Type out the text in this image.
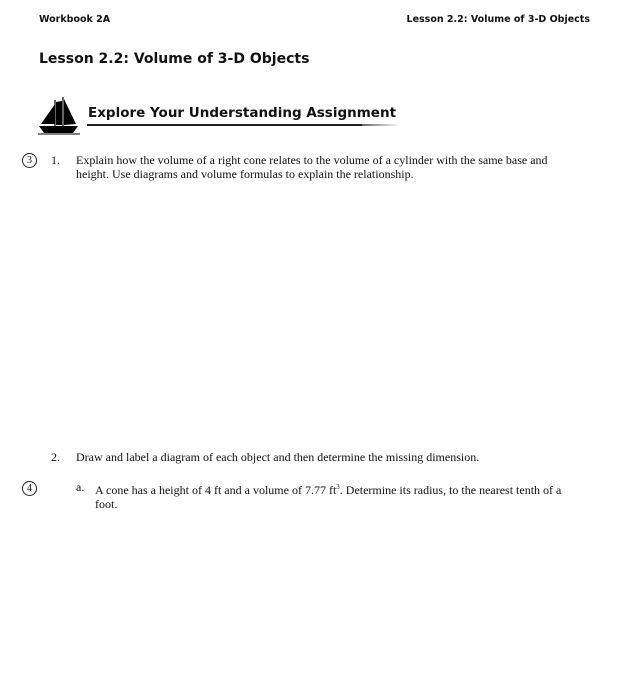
Workbook 2A	Lesson 2.2: Volume of 3-D Objects
Lesson 2.2: Volume of 3-D Objects
Explore Your Understanding Assignment
3	1. Explain how the volume of a right cone relates to the volume of a cylinder with the same base and height. Use diagrams and volume formulas to explain the relationship.
2. Draw and label a diagram of each object and then determine the missing dimension.
4	a. A cone has a height of 4 ft and a volume of 7.77 $ft^3$. Determine its radius, to the nearest tenth of a foot.
